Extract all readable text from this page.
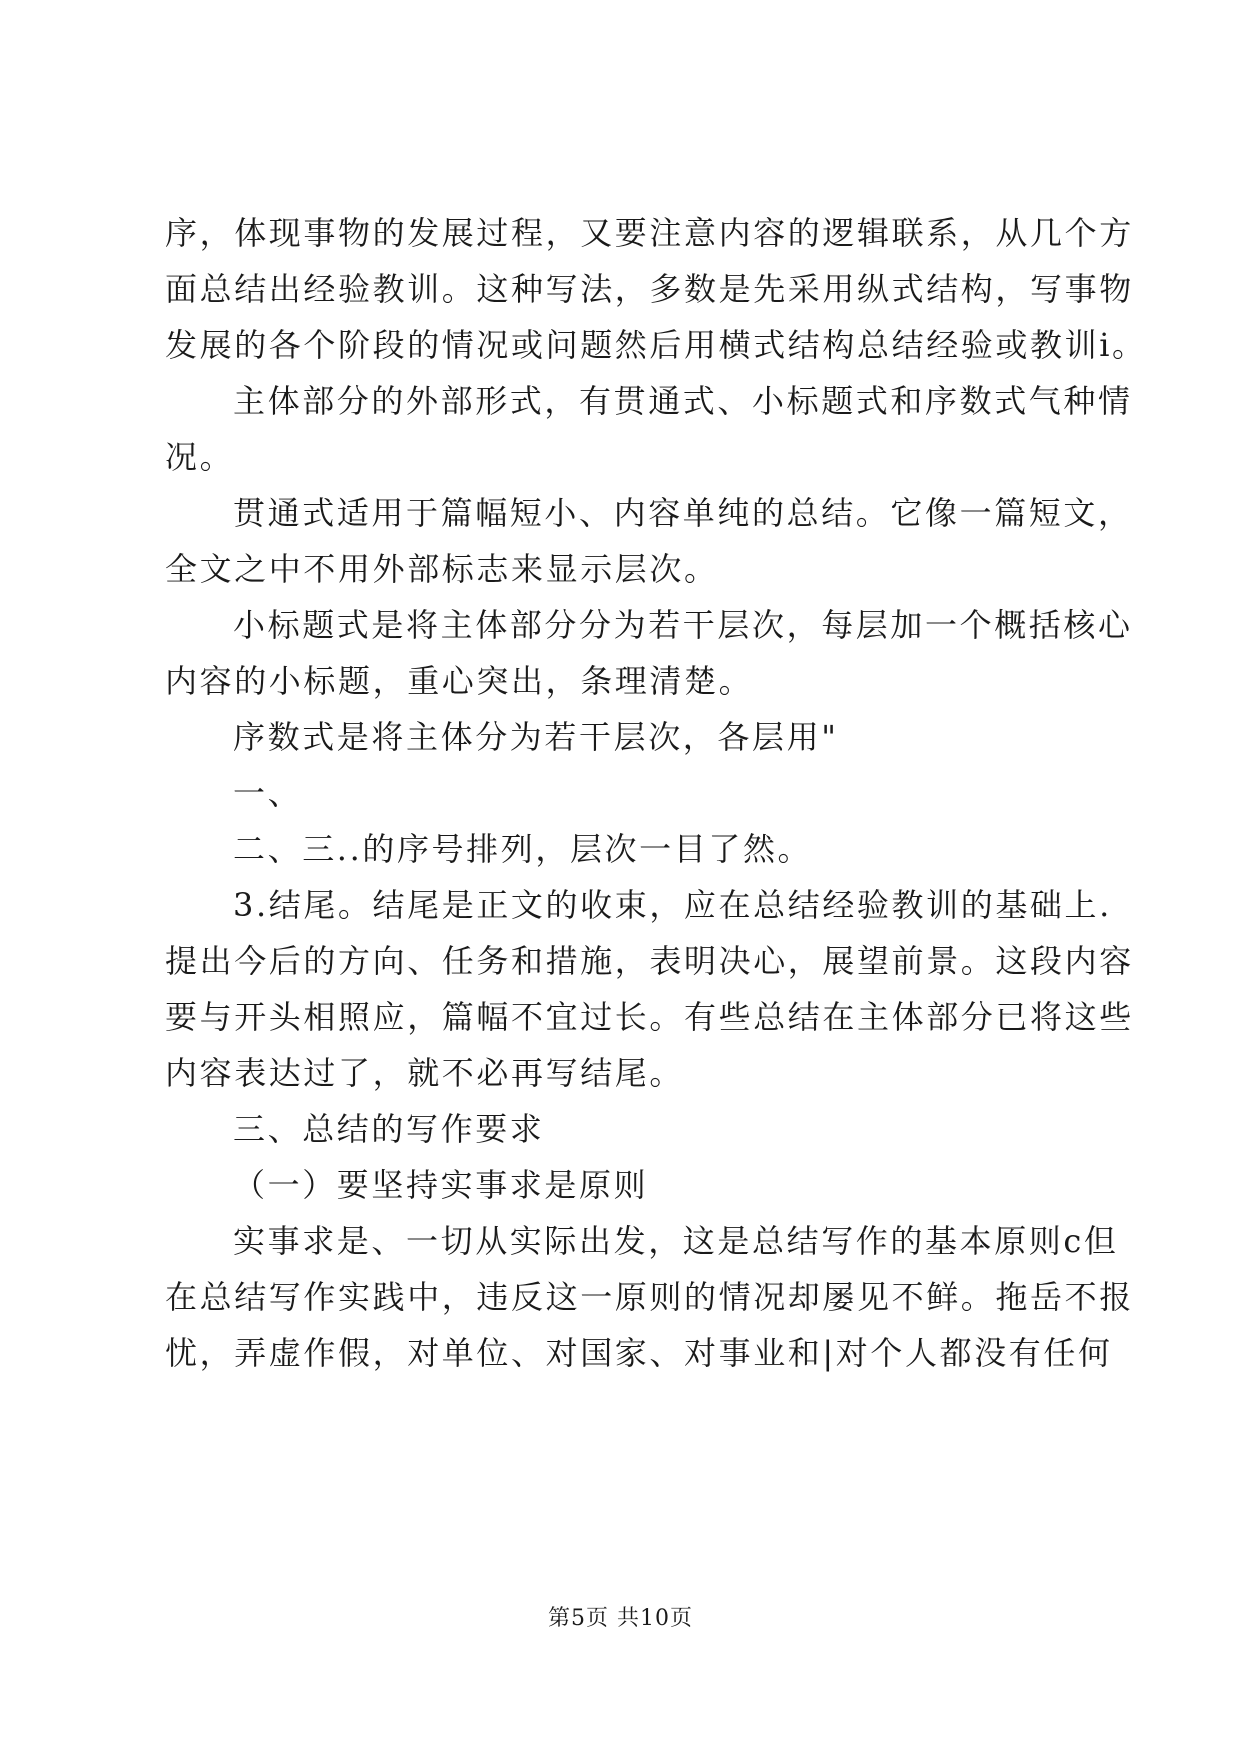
序，体现事物的发展过程，又要注意内容的逻辑联系，从几个方
面总结出经验教训。这种写法，多数是先采用纵式结构，写事物
发展的各个阶段的情况或问题然后用横式结构总结经验或教训i。
主体部分的外部形式，有贯通式、小标题式和序数式气种情
况。
贯通式适用于篇幅短小、内容单纯的总结。它像一篇短文，
全文之中不用外部标志来显示层次。
小标题式是将主体部分分为若干层次，每层加一个概括核心
内容的小标题，重心突出，条理清楚。
序数式是将主体分为若干层次，各层用"
一、
二、三..的序号排列，层次一目了然。
3.结尾。结尾是正文的收束，应在总结经验教训的基础上.
提出今后的方向、任务和措施，表明决心，展望前景。这段内容
要与开头相照应，篇幅不宜过长。有些总结在主体部分已将这些
内容表达过了，就不必再写结尾。
三、总结的写作要求
（一）要坚持实事求是原则
实事求是、一切从实际出发，这是总结写作的基本原则c但
在总结写作实践中，违反这一原则的情况却屡见不鲜。拖岳不报
忧，弄虚作假，对单位、对国家、对事业和|对个人都没有任何
第5页 共10页
